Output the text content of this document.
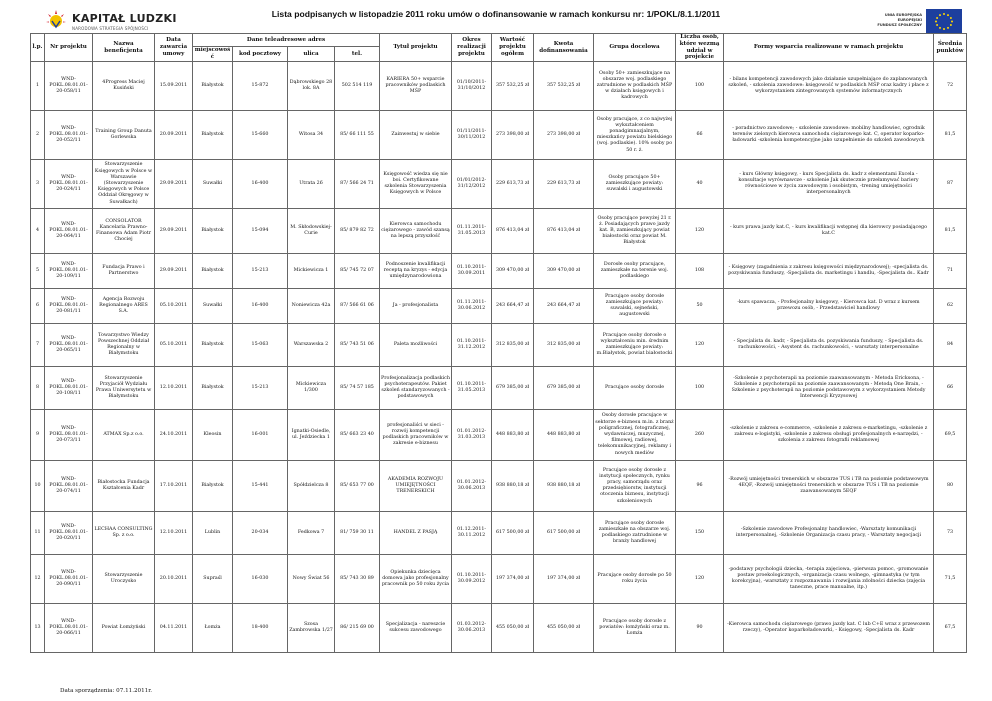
KAPITAŁ LUDZKI
NARODOWA STRATEGIA SPÓJNOŚCI
Lista podpisanych w listopadzie 2011 roku umów o dofinansowanie w ramach konkursu nr: 1/POKL/8.1.1/2011	UNIA EUROPEJSKA
EUROPEJSKI
FUNDUSZ SPOŁECZNY
l.p.	Nr projektu	Nazwa beneficjenta	Data zawarcia umowy	Dane teleadresowe adres				Tytuł projektu	Okres realizacji projektu	Wartość projektu ogółem	Kwota dofinansowania	Grupa docelowa	Liczba osób, które wezmą udział w projekcie	Formy wsparcia realizowane w ramach projektu	Średnia punktów
				miejscowość	kod pocztowy	ulica	tel.								
1	WND-POKL.08.01.01-20-058/11	4Progress Maciej Kusiński	15.09.2011	Białystok	15-872	Dąbrowskiego 28 lok. 8A	502 514 119	KARIERA 50+ wsparcie pracowników podlaskich MŚP	01/10/2011-31/10/2012	357 532,25 zł	357 532,25 zł	Osoby 50+ zamieszkujące na obszarze woj. podlaskiego zatrudnione w podlaskich MŚP w działach księgowych i kadrowych	100	- bilans kompetencji zawodowych jako działanie uzupełniające do zaplanowanych szkoleń, - szkolenia zawodowe: księgowość w podlaskich MŚP oraz kadry i płace z wykorzystaniem zintegrowanych systemów informatycznych	72
2	WND-POKL.08.01.01-20-052/11	Training Group Danuta Gorlewska	20.09.2011	Białystok	15-660	Witosa 34	85/ 66 111 55	Zainwestuj w siebie	01/11/2011-30/11/2012	273 398,00 zł	273 398,00 zł	Osoby pracujące, z co najwyżej wykształceniem ponadgimnazjalnym, mieszkańcy powiatu bielskiego (woj. podlaskie). 10% osoby po 50 r. ż.	66	- poradnictwo zawodowe; - szkolenie zawodowe: mobilny handlowiec, ogrodnik terenów zielonych kierowca samochodu ciężarowego kat. C, operator koparko-ładowarki -szkolenia kompetencyjne jako uzupełnienie do szkoleń zawodowych	81,5
3	WND-POKL.08.01.01-20-024/11	Stowarzyszenie Księgowych w Polsce w Warszawie (Stowarzyszenie Księgowych w Polsce Oddział Okręgowy w Suwałkach)	29.09.2011	Suwałki	16-400	Utrata 26	87/ 566 24 71	Księgowość wiedza się nie boi. Certyfikowane szkolenia Stowarzyszenia Księgowych w Polsce	01/01/2012-31/12/2012	229 613,73 zł	229 613,73 zł	Osoby pracujące 50+ zamieszkujące powiaty: suwalski i augustowski	40	- kurs Główny księgowy, - kurs Specjalista ds. kadr z elementami Excela - konsultacje wyrównawcze - szkolenie Jak skutecznie przełamywać bariery równościowe w życiu zawodowym i osobistym, -trening umiejętności interpersonalnych	87
4	WND-POKL.08.01.01-20-064/11	CONSOLATOR Kancelaria Prawno-Finansowa Adam Piotr Chociej	29.09.2011	Białystok	15-094	M. Skłodowskiej-Curie	85/ 879 82 72	Kierowca samochodu ciężarowego - zawód szansą na lepszą przyszłość	01.11.2011-31.05.2013	876 413,04 zł	876 413,04 zł	Osoby pracujące powyżej 21 r. ż. Posiadających prawo jazdy kat. B, zamieszkujący powiat białostocki oraz powiat M. Białystok	120	- kurs prawa jazdy kat.C, - kurs kwalifikacji wstępnej dla kierowcy posiadającego kat.C	81,5
5	WND-POKL.08.01.01-20-109/11	Fundacja Prawo i Partnerstwo	29.09.2011	Białystok	15-213	Mickiewicza 1	85/ 745 72 07	Podnoszenie kwalifikacji receptą na kryzys - edycja umiędzynarodowiona	01.10.2011-30.09.2011	309 470,00 zł	309 470,00 zł	Dorosłe osoby pracujące, zamieszkałe na terenie woj. podlaskiego	108	- Księgowy (zagadnienia z zakresu księgowości międzynarodowej); -specjalista ds. pozyskiwania funduszy, -Specjalista ds. marketingu i handlu, -Specjalista ds.. Kadr	71
6	WND-POKL.08.01.01-20-081/11	Agencja Rozwoju Regionalnego ARES S.A.	05.10.2011	Suwałki	16-400	Noniewicza 42a	87/ 566 61 06	Ja - profesjonalista	01.11.2011-30.06.2012	243 664,47 zł	243 664,47 zł	Pracujące osoby dorosłe zamieszkujące powiaty: suwalski, sejneński, augustowski	50	-kurs spawacza, - Profesjonalny księgowy, - Kierowca kat. D wraz z kursem przewozu osób, - Przedstawiciel handlowy	62
7	WND-POKL.08.01.01-20-065/11	Towarzystwo Wiedzy Powszechnej Oddział Regionalny w Białymstoku	05.10.2011	Białystok	15-063	Warszawska 2	85/ 743 51 06	Paleta możliwości	01.10.2011-31.12.2012	312 835,00 zł	312 835,00 zł	Pracujące osoby dorosłe o wykształceniu min. średnim zamieszkujące powiaty: m.Białystok, powiat białostocki	120	- Specjalista ds. kadr, - Specjalista ds. pozyskiwania funduszy, - Specjalista ds. rachunkowości, - Asystent ds. rachunkowości, - warsztaty interpersonalne	84
8	WND-POKL.08.01.01-20-108/11	Stowarzyszenie Przyjaciół Wydziału Prawa Uniwersytetu w Białymstoku	12.10.2011	Białystok	15-213	Mickiewicza 1/300	85/ 74 57 185	Profesjonalizacja podlaskich psychoterapeutów. Pakiet szkoleń standaryzowanych - podstawowych	01.10.2011-31.05.2013	679 385,00 zł	679 385,00 zł	Pracujące osoby dorosłe	100	-Szkolenie z psychoterapii na poziomie zaawansowanym - Metoda Ericksona, -Szkolenie z psychoterapii na poziomie zaawansowanym - Metodą One Brain, -Szkolenie z psychoterapii na poziomie podstawowym z wykorzystaniem Metody Interwencji Kryzysowej	66
9	WND-POKL.08.01.01-20-073/11	ATMAX Sp.z o.o.	24.10.2011	Kleosin	16-001	Ignatki-Osiedle, ul. Jeździecka 1	85/ 663 23 40	profesjonaliści w sieci - rozwój kompetencji podlaskich pracowników w zakresie e-biznesu	01.01.2012-31.03.2013	448 883,80 zł	448 883,80 zł	Osoby dorosłe pracujące w sektorze e-biznesu m.in. z branż poligraficznej, fotograficznej, wydawniczej, muzycznej, filmowej, radiowej, telekomunikacyjnej, reklamy i nowych mediów	260	-szkolenie z zakresu e-commerce, -szkolenie z zakresu e-marketingu, -szkolenie z zakresu e-logistyki, -szkolenie z zakresu obsługi profesjonalnych e-narzędzi, - szkolenia z zakresu fotografii reklamowej	69,5
10	WND-POKL.08.01.01-20-074/11	Białostocka Fundacja Kształcenia Kadr	17.10.2011	Białystok	15-441	Spółdzielcza 8	85/ 653 77 00	AKADEMIA ROZWOJU UMIEJĘTNOŚCI TRENERSKICH	01.01.2012-30.06.2013	938 880,18 zł	938 880,18 zł	Pracujące osoby dorosłe z instytucji społecznych, rynku pracy, samorządu oraz przedsiębiorstw, instytucji otoczenia biznesu, instytucji szkoleniowych	96	-Rozwój umiejętności trenerskich w obszarze TUS i TB na poziomie podstawowym 4EQF, -Rozwój umiejętności trenerskich w obszarze TUS i TB na poziomie zaawansowanym 5EQF	80
11	WND-POKL.08.01.01-20-020/11	LECHAA CONSULTING Sp. z o.o.	12.10.2011	Lublin	20-034	Fedkowa 7	81/ 759 30 11	HANDEL Z PASJĄ	01.12.2011-30.11.2012	617 500,00 zł	617 500,00 zł	Pracujące osoby dorosłe zamieszkałe na obszarze woj. podlaskiego zatrudnione w branży handlowej	150	-Szkolenie zawodowe Profesjonalny handlowiec, -Warsztaty komunikacji interpersonalnej, -Szkolenie Organizacja czasu pracy, - Warsztaty negocjacji	73
12	WND-POKL.08.01.01-20-090/11	Stowarzyszenie Uroczysko	20.10.2011	Supraśl	16-030	Nowy Świat 56	85/ 743 30 89	Opiekunka dziecięca domowa jako profesjonalny pracownik po 50 roku życia	01.10.2011-30.09.2012	197 374,00 zł	197 374,00 zł	Pracujące osoby dorosłe po 50 roku życia	120	-podstawy psychologii dziecka, -terapia zajęciowa, -pierwsza pomoc, -promowanie postaw proekologicznych, -organizacja czasu wolnego, -gimnastyka (w tym korekcyjna), -warsztaty z rozpoznawania i rozwijania zdolności dziecka (zajęcia taneczne, prace manualne, itp.)	71,5
13	WND-POKL.08.01.01-20-066/11	Powiat Łomżyński	04.11.2011	Łomża	18-400	Szosa Zambrowska 1/27	86/ 215 69 00	Specjalizacja - nareszcie sukcesu zawodowego	01.03.2012-30.06.2013	455 050,00 zł	455 050,00 zł	Pracujące osoby dorosłe z powiatów: łomżyński oraz m. Łomża	90	-Kierowca samochodu ciężarowego (prawo jazdy kat. C lub C+E wraz z przewozem rzeczy), -Operator koparkoładowarki, - Księgowy, -Specjalista ds. Kadr	67,5
Data sporządzenia: 07.11.2011r.
